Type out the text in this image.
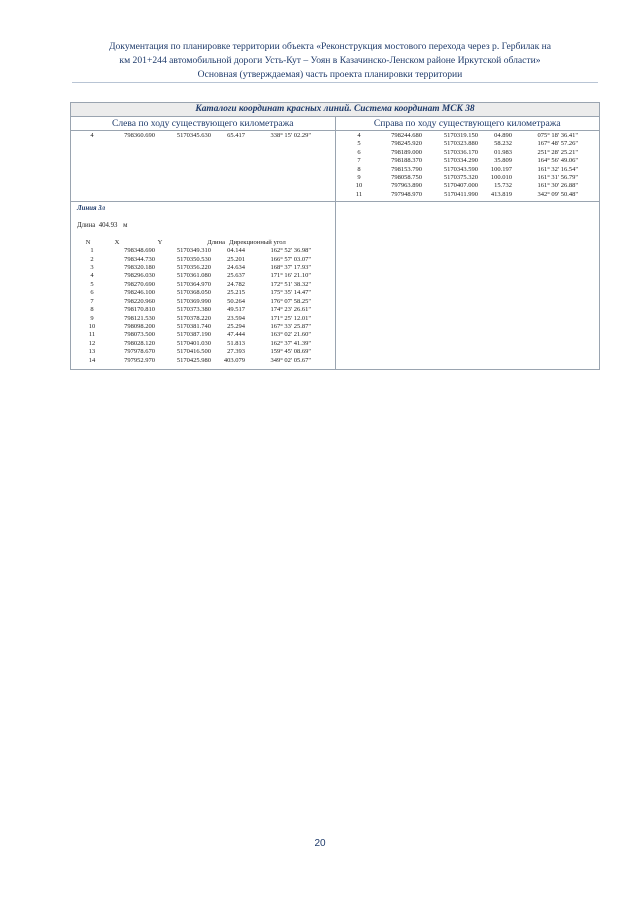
Документация по планировке территории объекта «Реконструкция мостового перехода через р. Гербилак на
км 201+244 автомобильной дороги Усть-Кут – Уоян в Казачинско-Ленском районе Иркутской области»
Основная (утверждаемая) часть проекта планировки территории
Каталоги координат красных линий. Система координат МСК 38
Слева по ходу существующего километража	Справа по ходу существующего километража
4	798360.690	5170345.630	65.417	338° 15' 02.29"	4	798244.680	5170319.150	04.890	075° 18' 36.41"
5	798245.920	5170323.880	58.232	167° 48' 57.26"
6	798189.000	5170336.170	01.983	251° 28' 25.21"
7	798188.370	5170334.290	35.809	164° 56' 49.06"
8	798153.790	5170343.590	100.197	161° 32' 16.54"
9	798058.750	5170375.320	100.010	161° 31' 56.79"
10	797963.890	5170407.000	15.732	161° 30' 26.88"
11	797948.970	5170411.990	413.819	342° 09' 50.48"
Линия 3л
Длина 404.93 м
N	X	Y	Длина Дирекционный угол
1	798348.690	5170349.310	04.144	162° 52' 36.98"
2	798344.730	5170350.530	25.201	166° 57' 03.07"
3	798320.180	5170356.220	24.634	168° 37' 17.93"
4	798296.030	5170361.080	25.637	171° 16' 21.10"
5	798270.690	5170364.970	24.782	172° 51' 38.32"
6	798246.100	5170368.050	25.215	175° 35' 14.47"
7	798220.960	5170369.990	50.264	176° 07' 58.25"
8	798170.810	5170373.380	49.517	174° 23' 26.61"
9	798121.530	5170378.220	23.594	171° 25' 12.01"
10	798098.200	5170381.740	25.294	167° 33' 25.87"
11	798073.500	5170387.190	47.444	163° 02' 21.60"
12	798028.120	5170401.030	51.813	162° 37' 41.39"
13	797978.670	5170416.500	27.393	159° 45' 08.69"
14	797952.970	5170425.980	403.079	349° 02' 05.67"
20
